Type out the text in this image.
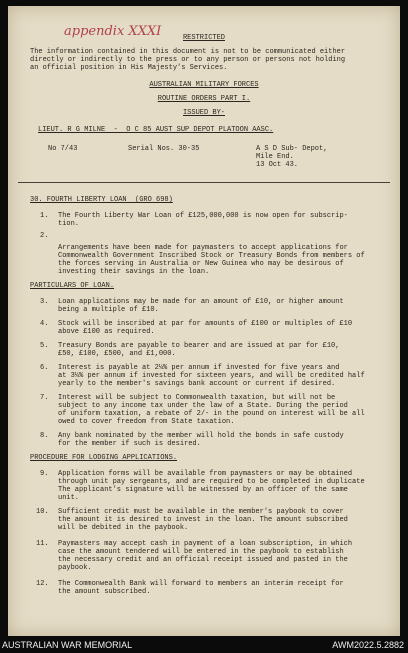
appendix XXXI	RESTRICTED
The information contained in this document is not to be communicated either
directly or indirectly to the press or to any person or persons not holding
an official position in His Majesty's Services.
AUSTRALIAN MILITARY FORCES
ROUTINE ORDERS PART I.
ISSUED BY-
LIEUT. R G MILNE  -  O C 85 AUST SUP DEPOT PLATOON AASC.
No 7/43	Serial Nos. 30-35	A S D Sub- Depot,
Mile End.
13 Oct 43.
30. FOURTH LIBERTY LOAN  (GRO 698)
1. The Fourth Liberty War Loan of £125,000,000 is now open for subscrip-
tion.
2.
Arrangements have been made for paymasters to accept applications for
Commonwealth Government Inscribed Stock or Treasury Bonds from members of
the forces serving in Australia or New Guinea who may be desirous of
investing their savings in the loan.
PARTICULARS OF LOAN.
3. Loan applications may be made for an amount of £10, or higher amount
being a multiple of £10.
4. Stock will be inscribed at par for amounts of £100 or multiples of £10
above £100 as required.
5. Treasury Bonds are payable to bearer and are issued at par for £10,
£50, £100, £500, and £1,000.
6. Interest is payable at 2¼% per annum if invested for five years and
at 3¼% per annum if invested for sixteen years, and will be credited half
yearly to the member's savings bank account or current if desired.
7. Interest will be subject to Commonwealth taxation, but will not be
subject to any income tax under the law of a State. During the period
of uniform taxation, a rebate of 2/- in the pound on interest will be all
owed to cover freedom from State taxation.
8. Any bank nominated by the member will hold the bonds in safe custody
for the member if such is desired.
PROCEDURE FOR LODGING APPLICATIONS.
9. Application forms will be available from paymasters or may be obtained
through unit pay sergeants, and are required to be completed in duplicate
The applicant's signature will be witnessed by an officer of the same
unit.
10. Sufficient credit must be available in the member's paybook to cover
the amount it is desired to invest in the loan. The amount subscribed
will be debited in the paybook.
11. Paymasters may accept cash in payment of a loan subscription, in which
case the amount tendered will be entered in the paybook to establish
the necessary credit and an official receipt issued and pasted in the
paybook.
12. The Commonwealth Bank will forward to members an interim receipt for
the amount subscribed.
AUSTRALIAN WAR MEMORIAL	AWM2022.5.2882
